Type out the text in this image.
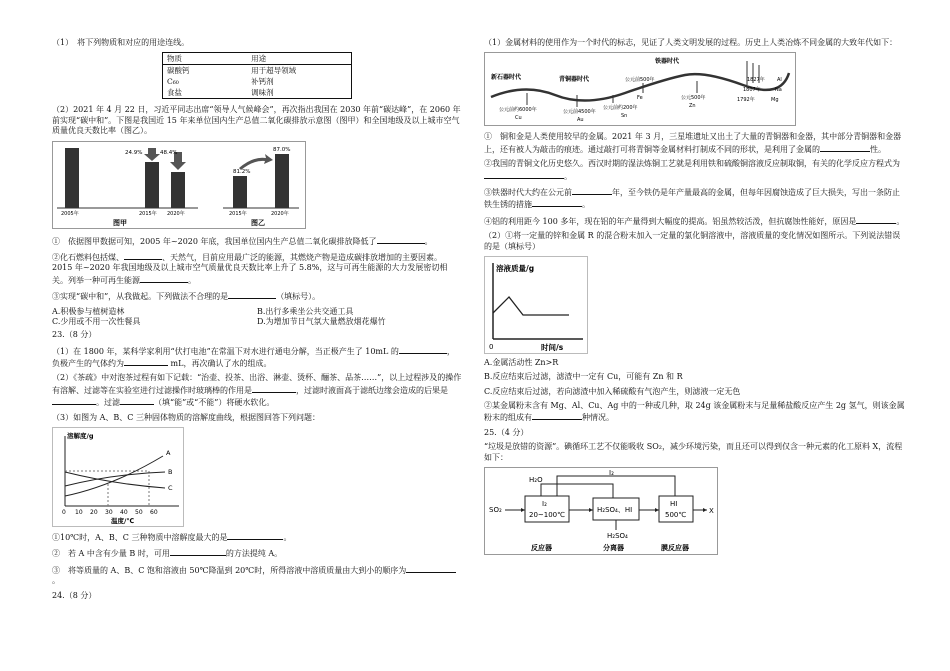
（1）　将下列物质和对应的用途连线。

物质	用途
碳酸钙	用于超导领域
C₆₀	补钙剂
食盐	调味剂

（2）2021 年 4 月 22 日，习近平同志出席“领导人气候峰会”，再次指出我国在 2030 年前“碳达峰”，在 2060 年前实现“碳中和”。下图是我国近 15 年来单位国内生产总值二氧化碳排放示意图（图甲）和全国地级及以上城市空气质量优良天数比率（图乙）。

24.9%	48.4%
2005年	2015年 2020年
图甲
81.2%
87.0%
2015年	2020年
图乙

①　依据图甲数据可知，2005 年~2020 年底，我国单位国内生产总值二氧化碳排放降低了	。

②化石燃料包括煤、	、天然气，目前应用最广泛的能源，其燃烧产物是造成碳排放增加的主要因素。2015 年~2020 年我国地级及以上城市空气质量优良天数比率上升了 5.8%，这与可再生能源的大力发展密切相关。列举一种可再生能源	。

③实现“碳中和”，从我做起。下列做法不合理的是	（填标号）。

A.积极参与植树造林	B.出行多乘坐公共交通工具
C.少用或不用一次性餐具	D.为增加节日气氛大量燃放烟花爆竹

23.（8 分）

（1）在 1800 年，某科学家利用“伏打电池”在常温下对水进行通电分解，当正极产生了 10mL 的	，负极产生的气体约为	mL，再次确认了水的组成。

（2）《茶疏》中对泡茶过程有如下记载：“治壶、投茶、出浴、淋壶、烫杯、酾茶、品茶……”，以上过程涉及的操作有溶解、过滤等在实验室进行过滤操作时玻璃棒的作用是	，过滤时液面高于滤纸边缘会造成的后果是。过滤	（填“能”或“不能”）将硬水软化。

（3）如图为 A、B、C 三种固体物质的溶解度曲线，根据图回答下列问题：

溶解度/g
A
B
C
0 10 20 30 40 50 60
温度/℃

①10℃时，A、B、C 三种物质中溶解度最大的是	。

②　若 A 中含有少量 B 时，可用	的方法提纯 A。

③　将等质量的 A、B、C 饱和溶液由 50℃降温到 20℃时，所得溶液中溶质质量由大到小的顺序为。

24.（8 分）

（1）金属材料的使用作为一个时代的标志，见证了人类文明发展的过程。历史上人类冶炼不同金属的大致年代如下：

新石器时代	青铜器时代
铁器时代
公元前约6000年
Cu
公元前4500年
Au
公元前500年
Fe
公元前约200年
Sn
公元500年
Zn
1827年 Al
1807年	Na
1792年	Mg

①　铜和金是人类使用较早的金属。2021 年 3 月，三星堆遗址又出土了大量的青铜器和金器，其中部分青铜器和金器上，还有被人为敲击的痕迹。通过敲打可将青铜等金属材料打制成不同的形状，是利用了金属的	性。

②我国的青铜文化历史悠久。西汉时期的湿法炼铜工艺就是利用铁和硫酸铜溶液反应制取铜，有关的化学反应方程式为。

③铁器时代大约在公元前	年，至今铁仍是年产量最高的金属，但每年因腐蚀造成了巨大损失，写出一条防止铁生锈的措施	。

④铝的利用距今 100 多年，现在铝的年产量得到大幅度的提高。铝虽然较活泼，但抗腐蚀性能好，原因是	。

（2）①将一定量的锌和金属 R 的混合粉末加入一定量的氯化铜溶液中，溶液质量的变化情况如图所示。下列说法错误的是（填标号）

溶液质量/g
0	时间/s

A.金属活动性 Zn>R

B.反应结束后过滤，滤渣中一定有 Cu，可能有 Zn 和 R

C.反应结束后过滤，若向滤渣中加入稀硫酸有气泡产生，则滤液一定无色

②某金属粉末含有 Mg、Al、Cu、Ag 中的一种或几种，取 24g 该金属粉末与足量稀盐酸反应产生 2g 氢气，则该金属粉末的组成有	种情况。

25.（4 分）

“垃圾是放错的资源”。碘循环工艺不仅能吸收 SO₂，减少环境污染，而且还可以得到仅含一种元素的化工原料 X，流程如下：

SO₂
I₂
20~100℃
H₂SO₄、HI
HI
500℃	X
H₂O
I₂
H₂SO₄
反应器	分离器	膜反应器
